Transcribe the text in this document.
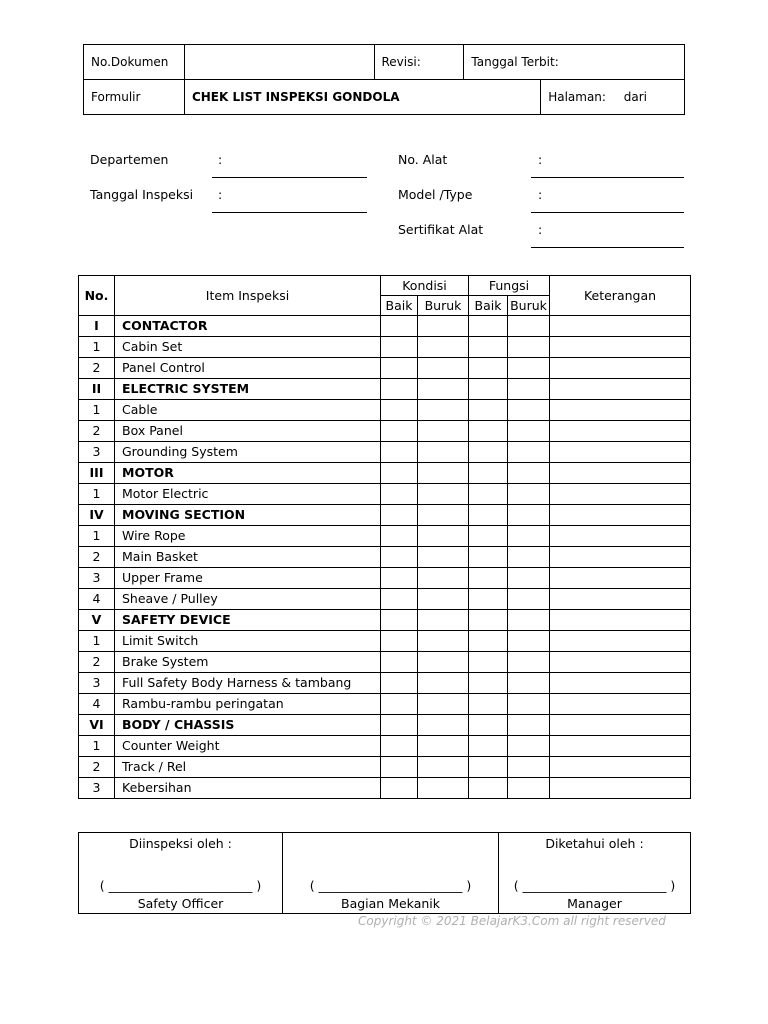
No.Dokumen		Revisi:	Tanggal Terbit:	
Formulir	CHEK LIST INSPEKSI GONDOLA			Halaman: dari
Departemen	:
Tanggal Inspeksi :
No. Alat	:
Model /Type	:
Sertifikat Alat	:
No.	Item Inspeksi	Kondisi		Fungsi		Keterangan
		Baik	Buruk	Baik	Buruk	
I	CONTACTOR					
1	Cabin Set					
2	Panel Control					
II	ELECTRIC SYSTEM					
1	Cable					
2	Box Panel					
3	Grounding System					
III	MOTOR					
1	Motor Electric					
IV	MOVING SECTION					
1	Wire Rope					
2	Main Basket					
3	Upper Frame					
4	Sheave / Pulley					
V	SAFETY DEVICE					
1	Limit Switch					
2	Brake System					
3	Full Safety Body Harness & tambang					
4	Rambu-rambu peringatan					
VI	BODY / CHASSIS					
1	Counter Weight					
2	Track / Rel					
3	Kebersihan					
Diinspeksi oleh :
( _______________________ )
Safety Officer

( _______________________ )
Bagian Mekanik

Diketahui oleh :
( _______________________ )
Manager
Copyright © 2021 BelajarK3.Com all right reserved
